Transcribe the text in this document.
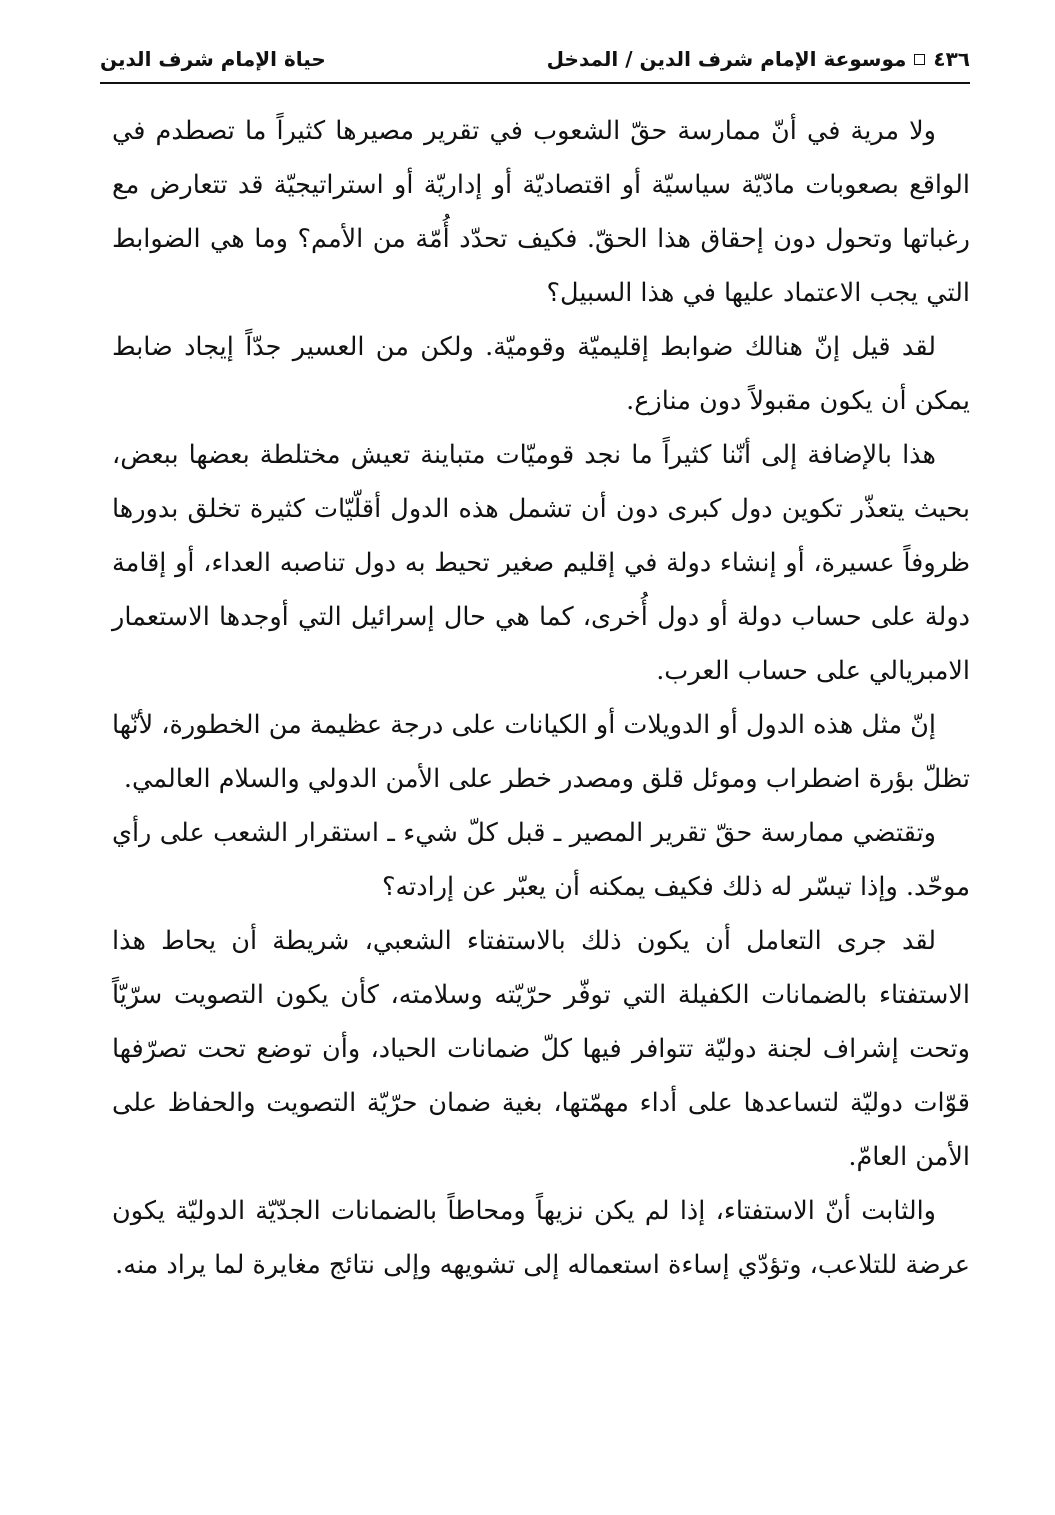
٤٣٦
موسوعة الإمام شرف الدين / المدخل
حياة الإمام شرف الدين

ولا مرية في أنّ ممارسة حقّ الشعوب في تقرير مصيرها كثيراً ما تصطدم في الواقع بصعوبات مادّيّة سياسيّة أو اقتصاديّة أو إداريّة أو استراتيجيّة قد تتعارض مع رغباتها وتحول دون إحقاق هذا الحقّ. فكيف تحدّد أُمّة من الأمم؟ وما هي الضوابط التي يجب الاعتماد عليها في هذا السبيل؟

لقد قيل إنّ هنالك ضوابط إقليميّة وقوميّة. ولكن من العسير جدّاً إيجاد ضابط يمكن أن يكون مقبولاً دون منازع.

هذا بالإضافة إلى أنّنا كثيراً ما نجد قوميّات متباينة تعيش مختلطة بعضها ببعض، بحيث يتعذّر تكوين دول كبرى دون أن تشمل هذه الدول أقلّيّات كثيرة تخلق بدورها ظروفاً عسيرة، أو إنشاء دولة في إقليم صغير تحيط به دول تناصبه العداء، أو إقامة دولة على حساب دولة أو دول أُخرى، كما هي حال إسرائيل التي أوجدها الاستعمار الامبريالي على حساب العرب.

إنّ مثل هذه الدول أو الدويلات أو الكيانات على درجة عظيمة من الخطورة، لأنّها تظلّ بؤرة اضطراب وموئل قلق ومصدر خطر على الأمن الدولي والسلام العالمي.

وتقتضي ممارسة حقّ تقرير المصير ـ قبل كلّ شيء ـ استقرار الشعب على رأي موحّد. وإذا تيسّر له ذلك فكيف يمكنه أن يعبّر عن إرادته؟

لقد جرى التعامل أن يكون ذلك بالاستفتاء الشعبي، شريطة أن يحاط هذا الاستفتاء بالضمانات الكفيلة التي توفّر حرّيّته وسلامته، كأن يكون التصويت سرّيّاً وتحت إشراف لجنة دوليّة تتوافر فيها كلّ ضمانات الحياد، وأن توضع تحت تصرّفها قوّات دوليّة لتساعدها على أداء مهمّتها، بغية ضمان حرّيّة التصويت والحفاظ على الأمن العامّ.

والثابت أنّ الاستفتاء، إذا لم يكن نزيهاً ومحاطاً بالضمانات الجدّيّة الدوليّة يكون عرضة للتلاعب، وتؤدّي إساءة استعماله إلى تشويهه وإلى نتائج مغايرة لما يراد منه.
